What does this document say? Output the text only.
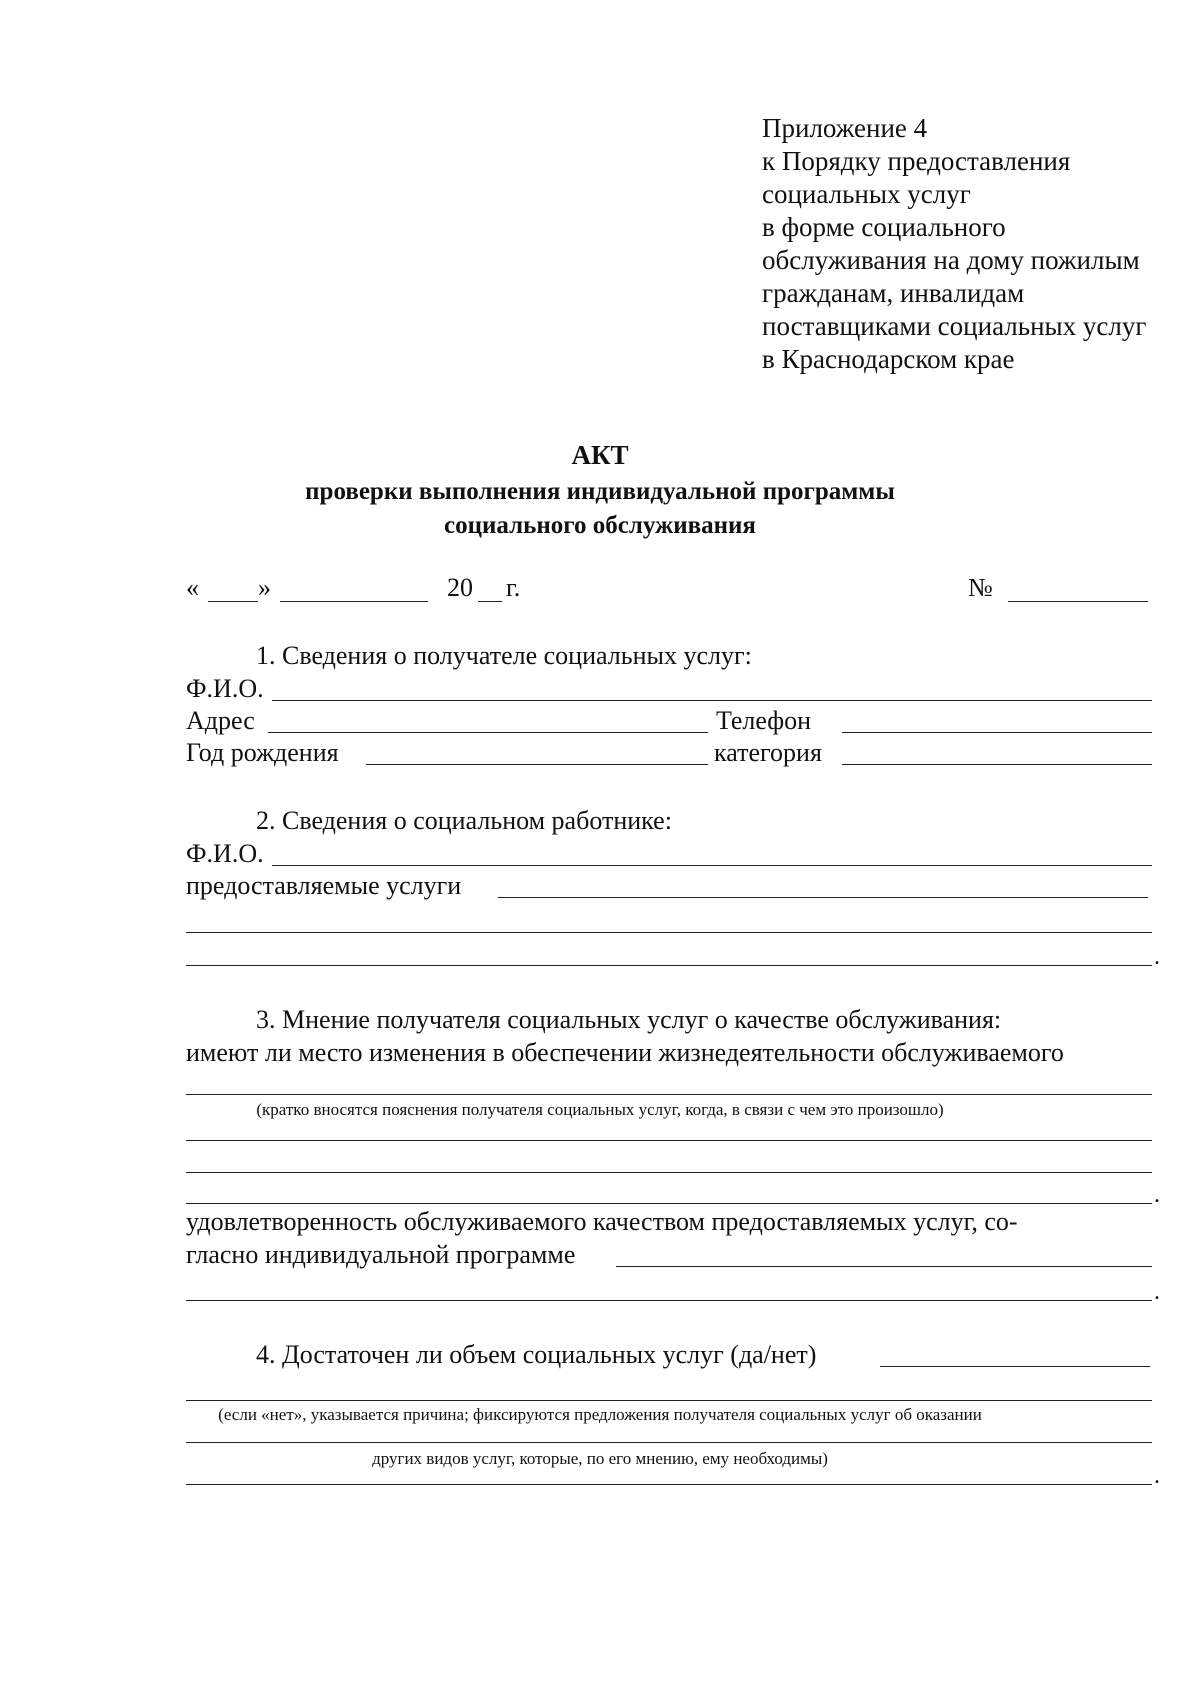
Приложение 4
к Порядку предоставления
социальных услуг
в форме социального
обслуживания на дому пожилым
гражданам, инвалидам
поставщиками социальных услуг
в Краснодарском крае
АКТ
проверки выполнения индивидуальной программы
социального обслуживания
« »	20 г.	№
1. Сведения о получателе социальных услуг:
Ф.И.О.
Адрес	Телефон
Год рождения	категория
2. Сведения о социальном работнике:
Ф.И.О.
предоставляемые услуги
.
3. Мнение получателя социальных услуг о качестве обслуживания:
имеют ли место изменения в обеспечении жизнедеятельности обслуживаемого
(кратко вносятся пояснения получателя социальных услуг, когда, в связи с чем это произошло)
.
удовлетворенность обслуживаемого качеством предоставляемых услуг, со-
гласно индивидуальной программе
.
4. Достаточен ли объем социальных услуг (да/нет)
(если «нет», указывается причина; фиксируются предложения получателя социальных услуг об оказании
других видов услуг, которые, по его мнению, ему необходимы)
.
